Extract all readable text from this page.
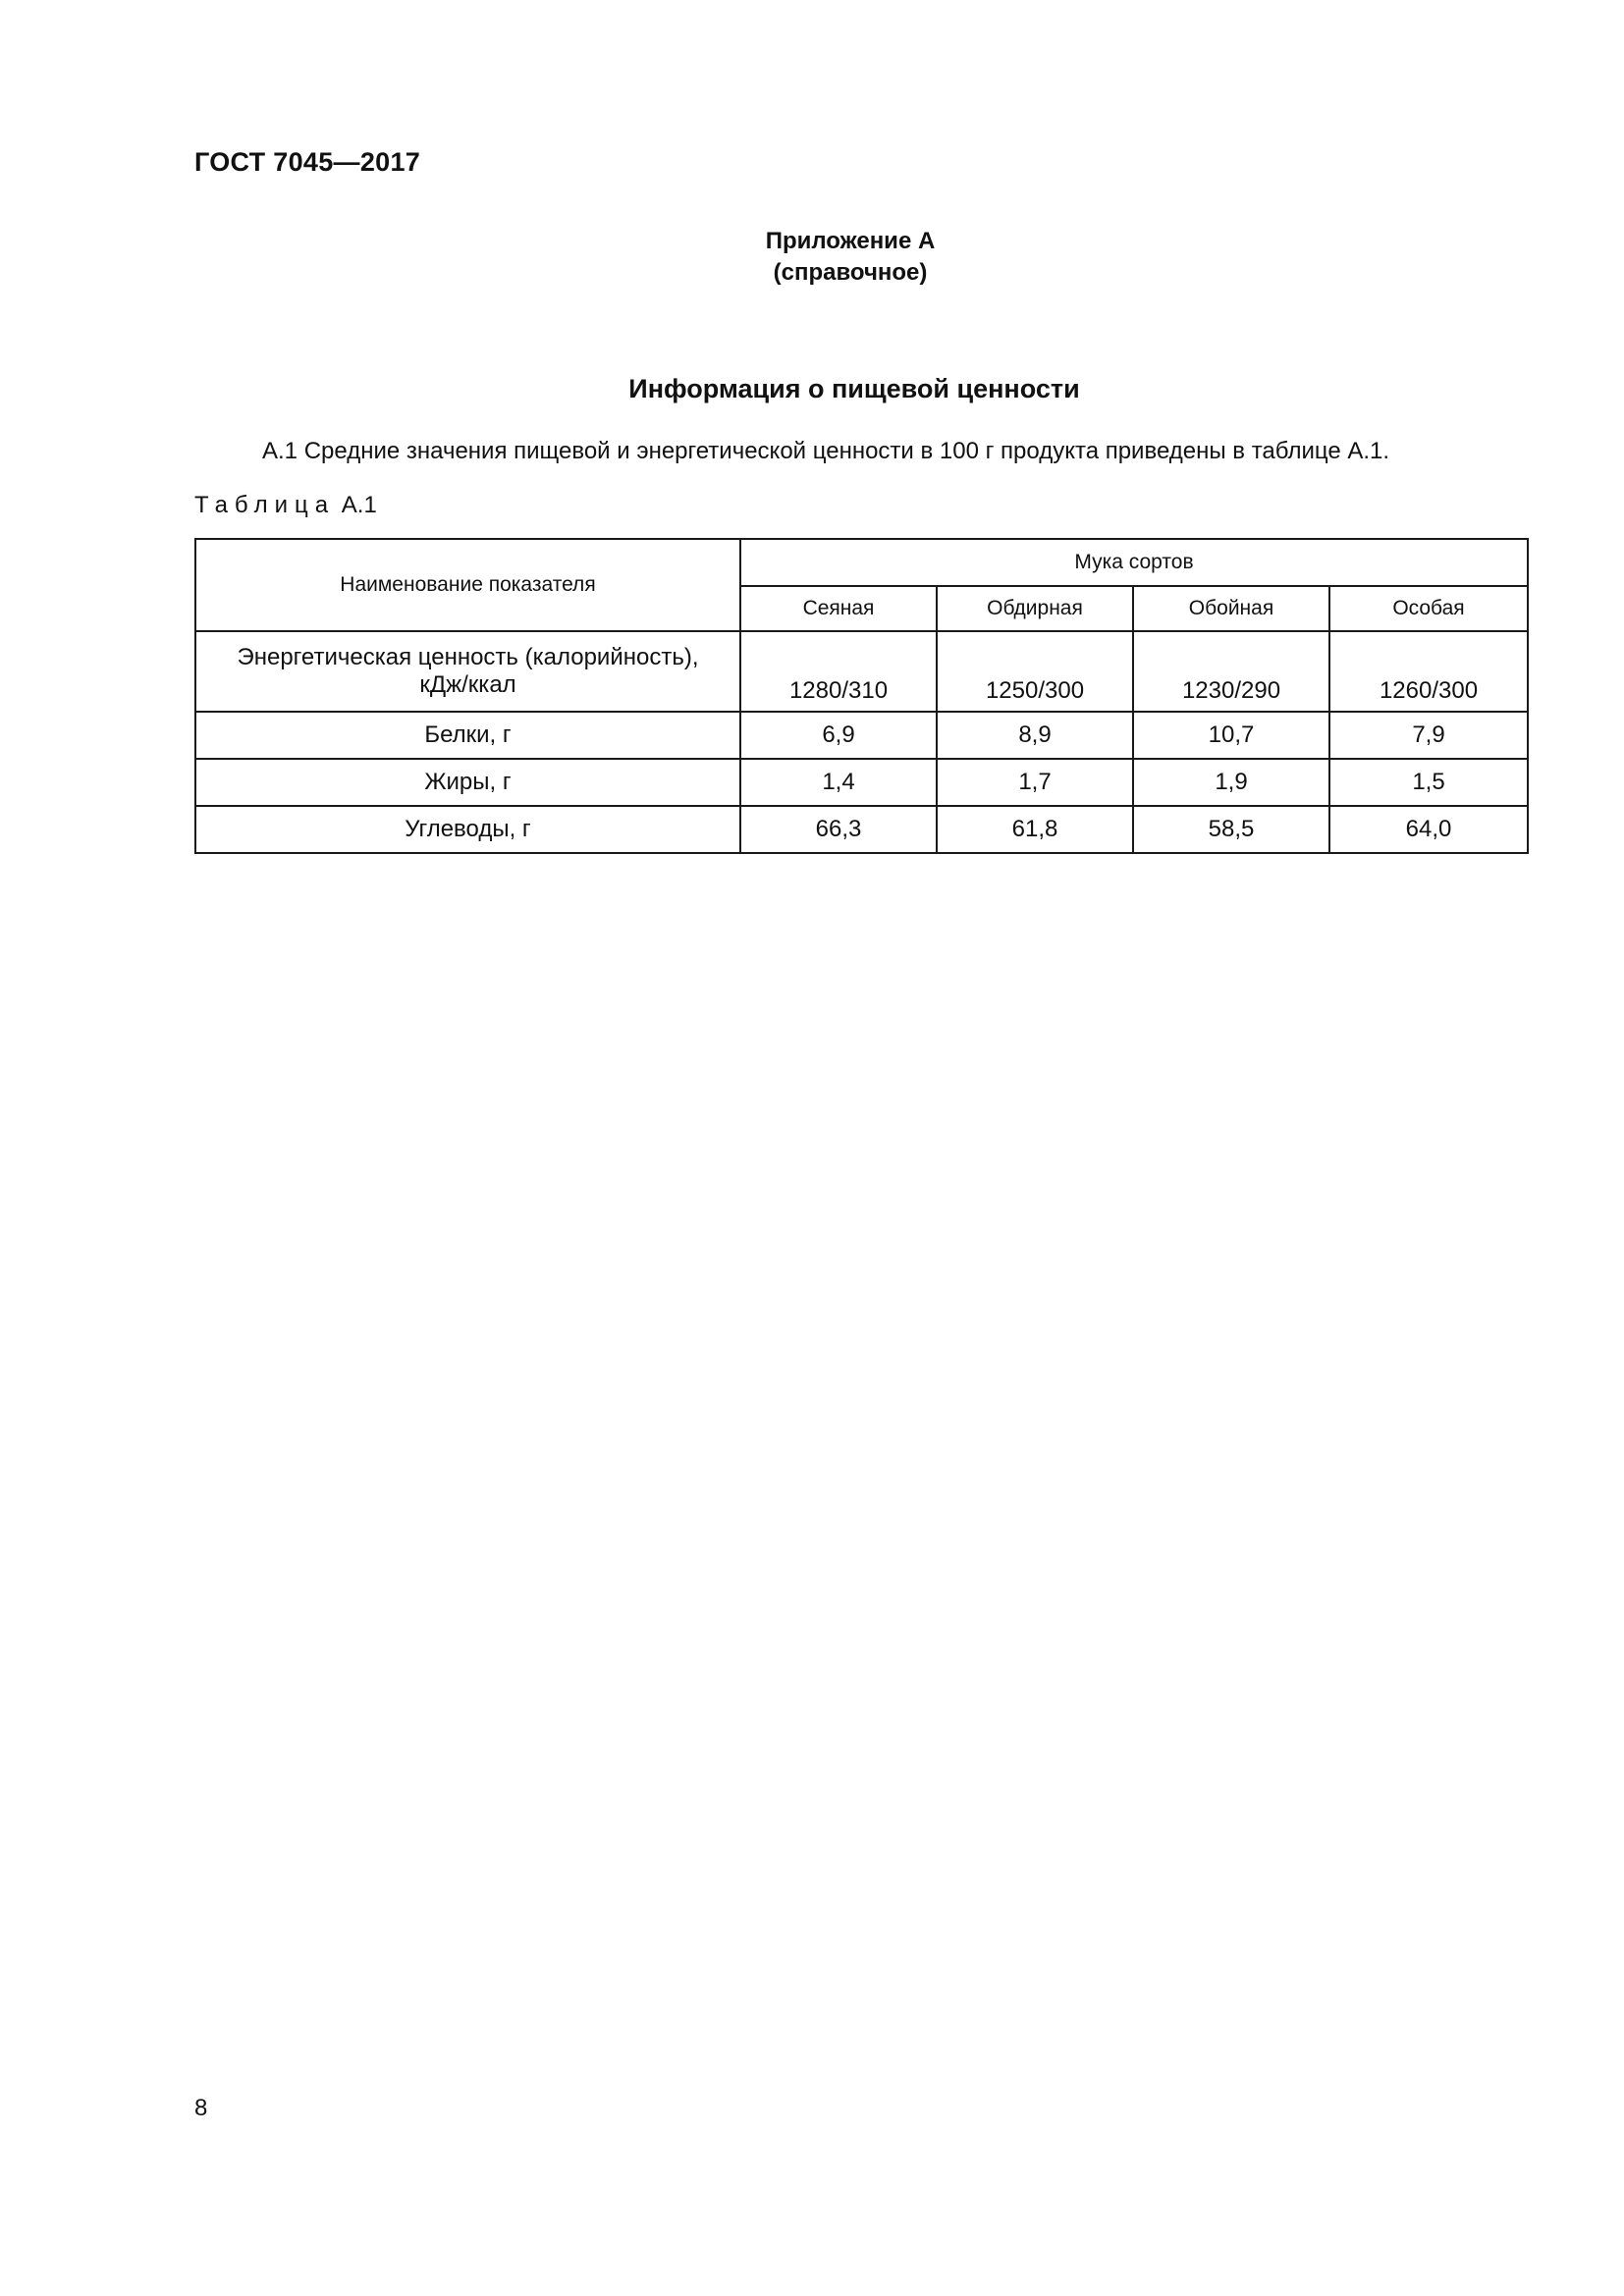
ГОСТ 7045—2017
Приложение А
(справочное)
Информация о пищевой ценности
А.1 Средние значения пищевой и энергетической ценности в 100 г продукта приведены в таблице А.1.
Таблица А.1
Наименование показателя	Мука сортов			
	Сеяная	Обдирная	Обойная	Особая
Энергетическая ценность (калорийность),
кДж/ккал	1280/310	1250/300	1230/290	1260/300
Белки, г	6,9	8,9	10,7	7,9
Жиры, г	1,4	1,7	1,9	1,5
Углеводы, г	66,3	61,8	58,5	64,0
8
